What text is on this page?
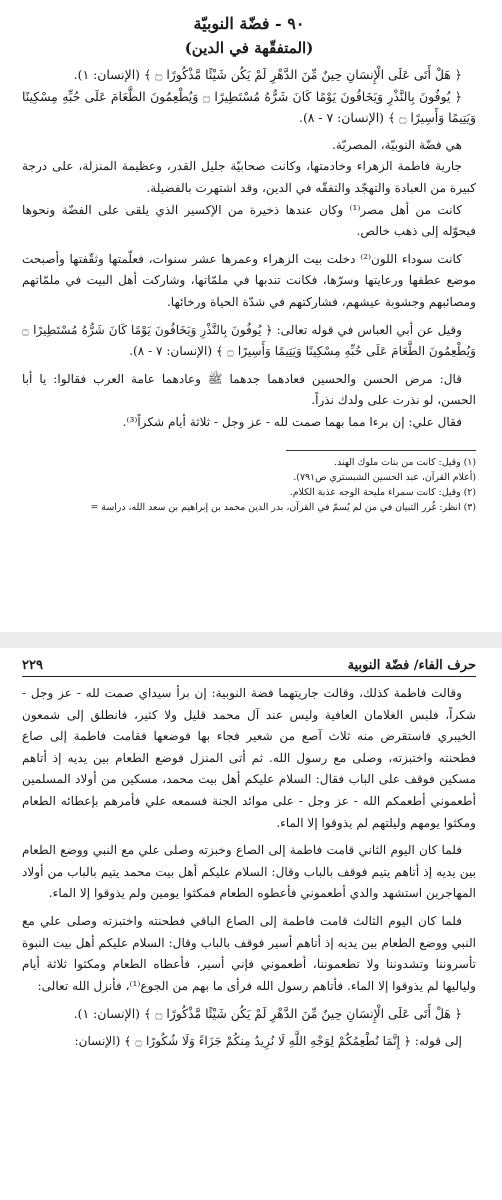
٩٠ - فضّة النوبيّة
(المتفقّهة في الدين)

﴿ هَلْ أَتَى عَلَى الْإِنسَانِ حِينٌ مِّنَ الدَّهْرِ لَمْ يَكُن شَيْئًا مَّذْكُورًا ۝ ﴾ (الإنسان: ١).

﴿ يُوفُونَ بِالنَّذْرِ وَيَخَافُونَ يَوْمًا كَانَ شَرُّهُ مُسْتَطِيرًا ۝ وَيُطْعِمُونَ الطَّعَامَ عَلَى حُبِّهِ مِسْكِينًا وَيَتِيمًا وَأَسِيرًا ۝ ﴾ (الإنسان: ٧ - ٨).

هي فضّة النوبيّة، المصريّة.

جارية فاطمة الزهراء وخادمتها، وكانت صحابيّة جليل القدر، وعظيمة المنزلة، على درجة كبيرة من العبادة والتهجّد والتفقّه في الدين، وقد اشتهرت بالفضيلة.

كانت من أهل مصر⁽¹⁾ وكان عندها ذخيرة من الإكسير الذي يلقى على الفضّة ونحوها فيحوّله إلى ذهب خالص.

كانت سوداء اللون⁽²⁾ دخلت بيت الزهراء وعمرها عشر سنوات، فعلّمتها وثقّفتها وأصبحت موضع عطفها ورعايتها وسرّها، فكانت تندبها في ملمّاتها، وشاركت أهل البيت في ملمّاتهم ومصائبهم وجشوبة عيشهم، فشاركتهم في شدّة الحياة ورخائها.

وقيل عن أبي العباس في قوله تعالى: ﴿ يُوفُونَ بِالنَّذْرِ وَيَخَافُونَ يَوْمًا كَانَ شَرُّهُ مُسْتَطِيرًا ۝ وَيُطْعِمُونَ الطَّعَامَ عَلَى حُبِّهِ مِسْكِينًا وَيَتِيمًا وَأَسِيرًا ۝ ﴾ (الإنسان: ٧ - ٨).

قال: مرض الحسن والحسين فعادهما جدهما ﷺ وعادهما عامة العرب فقالوا: يا أبا الحسن، لو نذرت على ولدك نذراً.

فقال علي: إن برءا مما بهما صمت لله - عز وجل - ثلاثة أيام شكراً⁽³⁾.

(١) وقيل: كانت من بنات ملوك الهند.

(أعلام القرآن، عبد الحسين الشبستري ص٧٩١).

(٢) وقيل: كانت سمراء مليحة الوجه عذبة الكلام.

(٣) انظر: غُرر التبيان في من لم يُسمّ في القرآن، بدر الدين محمد بن إبراهيم بن سعد الله، دراسة =

حرف الفاء/ فضّة النوبية
٢٢٩

وقالت فاطمة كذلك، وقالت جاريتهما فضة النوبية: إن برأ سيداي صمت لله - عز وجل - شكراً، فلبس الغلامان العافية وليس عند آل محمد قليل ولا كثير، فانطلق إلى شمعون الخيبري فاستقرض منه ثلاث آصع من شعير فجاء بها فوضعها فقامت فاطمة إلى صاع فطحنته واختبزته، وصلى مع رسول الله. ثم أتى المنزل فوضع الطعام بين يديه إذ أتاهم مسكين فوقف على الباب فقال: السلام عليكم أهل بيت محمد، مسكين من أولاد المسلمين أطعموني أطعمكم الله - عز وجل - على موائد الجنة فسمعه علي فأمرهم بإعطائه الطعام ومكثوا يومهم وليلتهم لم يذوقوا إلا الماء.

فلما كان اليوم الثاني قامت فاطمة إلى الصاع وخبزته وصلى علي مع النبي ووضع الطعام بين يديه إذ أتاهم يتيم فوقف بالباب وقال: السلام عليكم أهل بيت محمد يتيم بالباب من أولاد المهاجرين استشهد والدي أطعموني فأعطوه الطعام فمكثوا يومين ولم يذوقوا إلا الماء.

فلما كان اليوم الثالث قامت فاطمة إلى الصاع الباقي فطحنته واختبزته وصلى علي مع النبي ووضع الطعام بين يديه إذ أتاهم أسير فوقف بالباب وقال: السلام عليكم أهل بيت النبوة تأسروننا وتشدوننا ولا تطعموننا، أطعموني فإني أسير، فأعطاه الطعام ومكثوا ثلاثة أيام ولياليها لم يذوقوا إلا الماء. فأتاهم رسول الله فرأى ما بهم من الجوع⁽¹⁾، فأنزل الله تعالى:

﴿ هَلْ أَتَى عَلَى الْإِنسَانِ حِينٌ مِّنَ الدَّهْرِ لَمْ يَكُن شَيْئًا مَّذْكُورًا ۝ ﴾ (الإنسان: ١).

إلى قوله: ﴿ إِنَّمَا نُطْعِمُكُمْ لِوَجْهِ اللَّهِ لَا نُرِيدُ مِنكُمْ جَزَاءً وَلَا شُكُورًا ۝ ﴾ (الإنسان:
